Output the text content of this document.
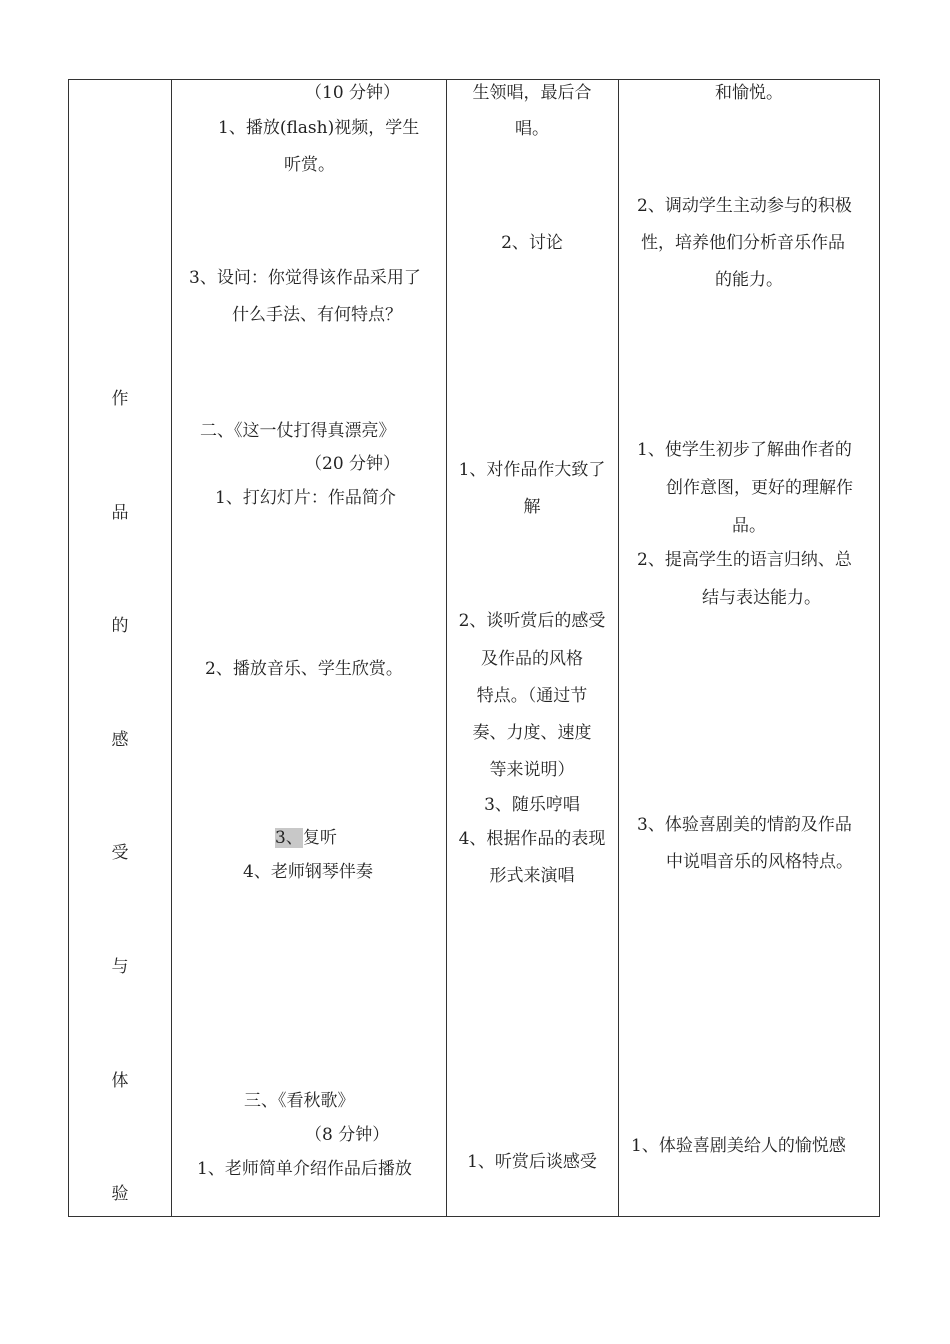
作
品
的
感
受
与
体
验
（10 分钟）
1、播放(flash)视频，学生
听赏。
3、设问：你觉得该作品采用了
什么手法、有何特点？
二、《这一仗打得真漂亮》
（20 分钟）
1、打幻灯片：作品简介
2、播放音乐、学生欣赏。
3、复听
4、老师钢琴伴奏
三、《看秋歌》
（8 分钟）
1、老师简单介绍作品后播放
生领唱，最后合
唱。
2、讨论
1、对作品作大致了
解
2、谈听赏后的感受
及作品的风格
特点。（通过节
奏、力度、速度
等来说明）
3、随乐哼唱
4、根据作品的表现
形式来演唱
1、听赏后谈感受
和愉悦。
2、调动学生主动参与的积极
性，培养他们分析音乐作品
的能力。
1、使学生初步了解曲作者的
创作意图，更好的理解作
品。
2、提高学生的语言归纳、总
结与表达能力。
3、体验喜剧美的情韵及作品
中说唱音乐的风格特点。
1、体验喜剧美给人的愉悦感
